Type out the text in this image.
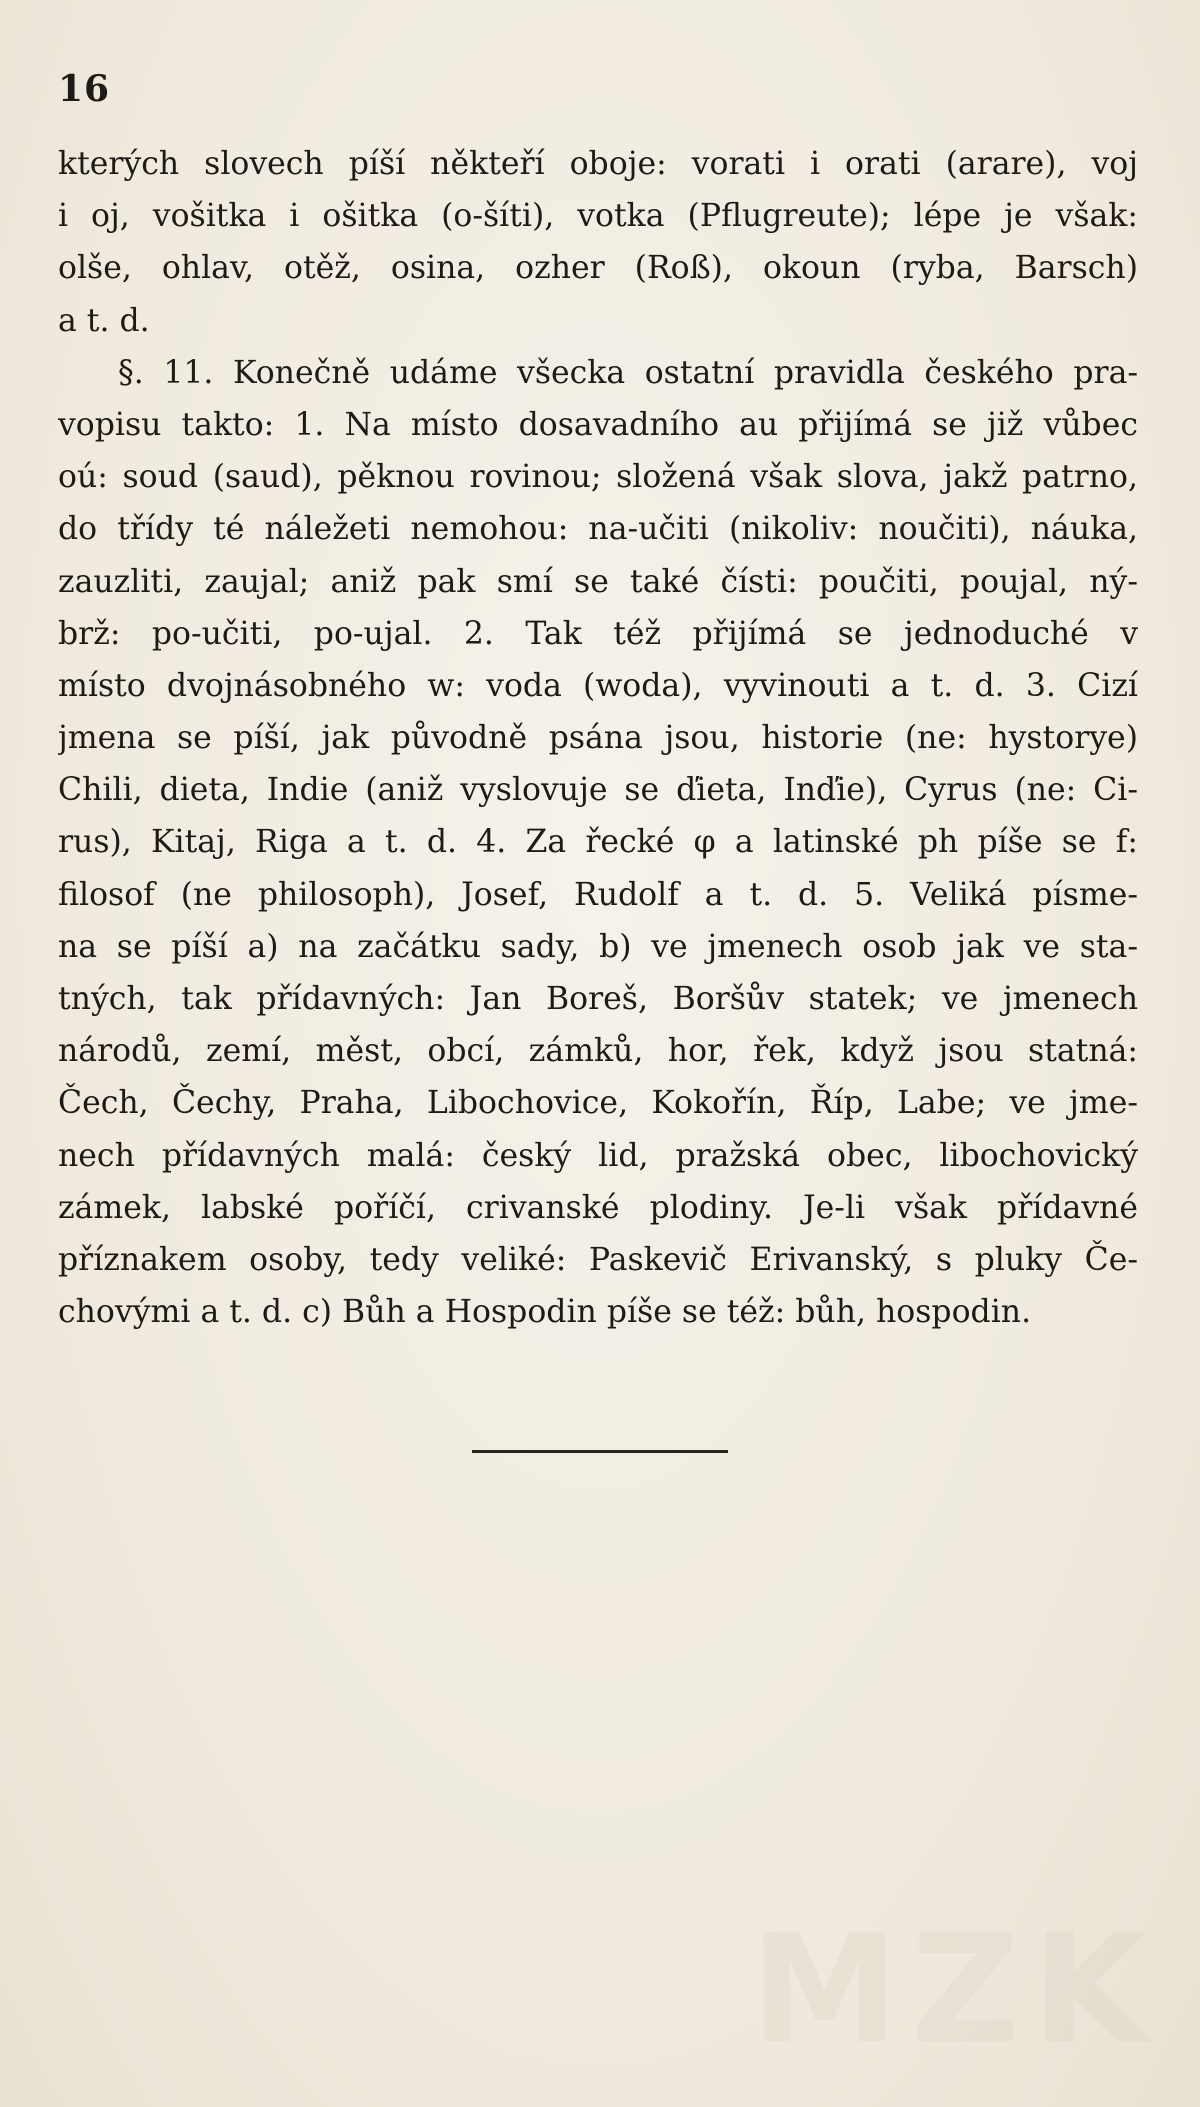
16
kterých slovech píší někteří oboje: vorati i orati (arare), voj
i oj, vošitka i ošitka (o-šíti), votka (Pflugreute); lépe je však:
olše, ohlav, otěž, osina, ozher (Roß), okoun (ryba, Barsch)
a t. d.
§. 11. Konečně udáme všecka ostatní pravidla českého pra-
vopisu takto: 1. Na místo dosavadního au přijímá se již vůbec
oú: soud (saud), pěknou rovinou; složená však slova, jakž patrno,
do třídy té náležeti nemohou: na-učiti (nikoliv: noučiti), náuka,
zauzliti, zaujal; aniž pak smí se také čísti: poučiti, poujal, ný-
brž: po-učiti, po-ujal. 2. Tak též přijímá se jednoduché v
místo dvojnásobného w: voda (woda), vyvinouti a t. d. 3. Cizí
jmena se píší, jak původně psána jsou, historie (ne: hystorye)
Chili, dieta, Indie (aniž vyslovuje se ďieta, Inďie), Cyrus (ne: Ci-
rus), Kitaj, Riga a t. d. 4. Za řecké φ a latinské ph píše se f:
filosof (ne philosoph), Josef, Rudolf a t. d. 5. Veliká písme-
na se píší a) na začátku sady, b) ve jmenech osob jak ve sta-
tných, tak přídavných: Jan Boreš, Boršův statek; ve jmenech
národů, zemí, měst, obcí, zámků, hor, řek, když jsou statná:
Čech, Čechy, Praha, Libochovice, Kokořín, Říp, Labe; ve jme-
nech přídavných malá: český lid, pražská obec, libochovický
zámek, labské poříčí, crivanské plodiny. Je-li však přídavné
příznakem osoby, tedy veliké: Paskevič Erivanský, s pluky Če-
chovými a t. d. c) Bůh a Hospodin píše se též: bůh, hospodin.
MZK
